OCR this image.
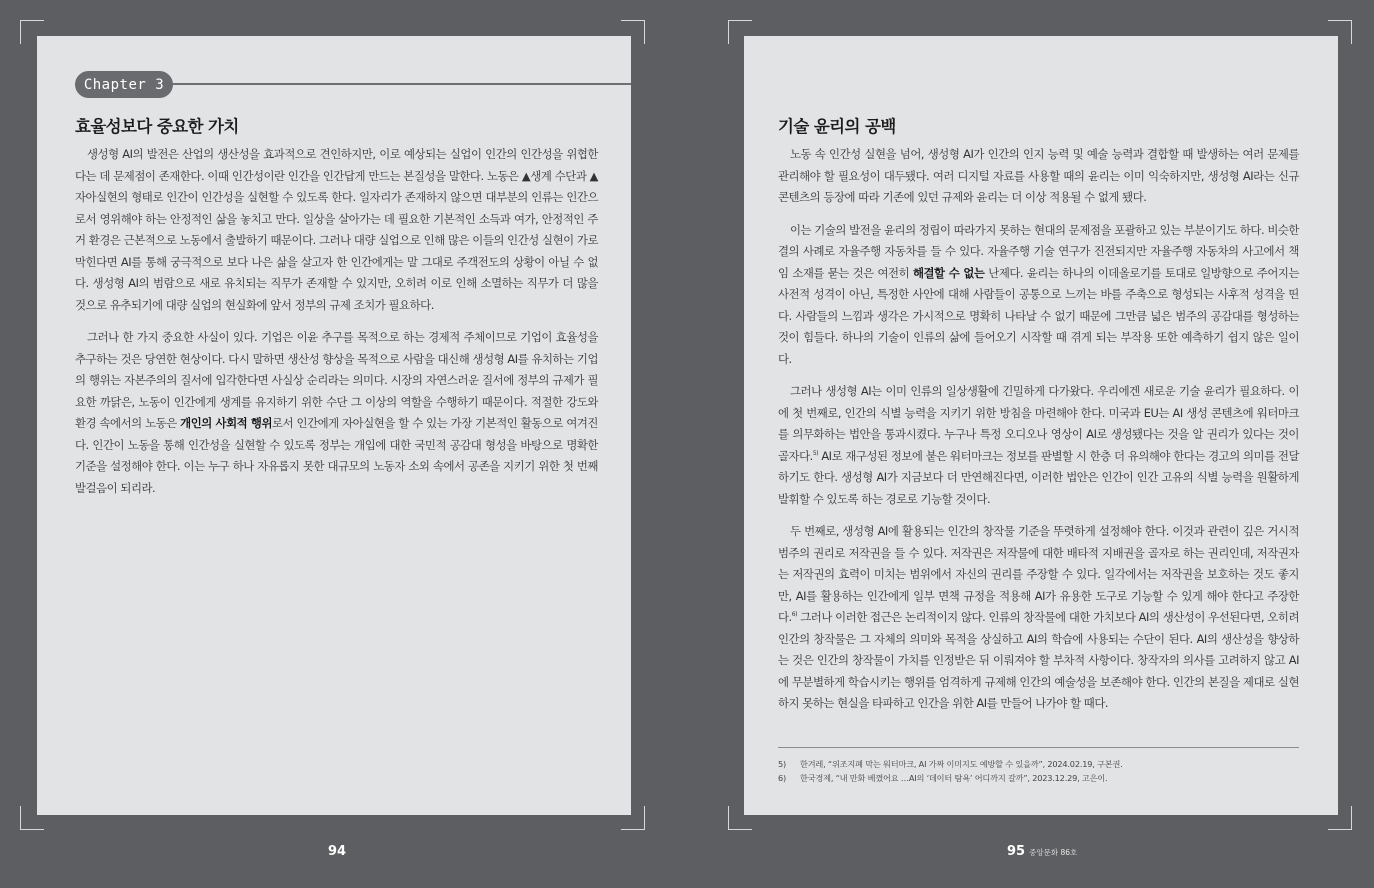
Chapter 3
효율성보다 중요한 가치

생성형 AI의 발전은 산업의 생산성을 효과적으로 견인하지만, 이로 예상되는 실업이 인간의 인간성을 위협한다는 데 문제점이 존재한다. 이때 인간성이란 인간을 인간답게 만드는 본질성을 말한다. 노동은 ▲생계 수단과 ▲자아실현의 형태로 인간이 인간성을 실현할 수 있도록 한다. 일자리가 존재하지 않으면 대부분의 인류는 인간으로서 영위해야 하는 안정적인 삶을 놓치고 만다. 일상을 살아가는 데 필요한 기본적인 소득과 여가, 안정적인 주거 환경은 근본적으로 노동에서 출발하기 때문이다. 그러나 대량 실업으로 인해 많은 이들의 인간성 실현이 가로막힌다면 AI를 통해 궁극적으로 보다 나은 삶을 살고자 한 인간에게는 말 그대로 주객전도의 상황이 아닐 수 없다. 생성형 AI의 범람으로 새로 유치되는 직무가 존재할 수 있지만, 오히려 이로 인해 소멸하는 직무가 더 많을 것으로 유추되기에 대량 실업의 현실화에 앞서 정부의 규제 조치가 필요하다.

그러나 한 가지 중요한 사실이 있다. 기업은 이윤 추구를 목적으로 하는 경제적 주체이므로 기업이 효율성을 추구하는 것은 당연한 현상이다. 다시 말하면 생산성 향상을 목적으로 사람을 대신해 생성형 AI를 유치하는 기업의 행위는 자본주의의 질서에 입각한다면 사실상 순리라는 의미다. 시장의 자연스러운 질서에 정부의 규제가 필요한 까닭은, 노동이 인간에게 생계를 유지하기 위한 수단 그 이상의 역할을 수행하기 때문이다. 적절한 강도와 환경 속에서의 노동은 개인의 사회적 행위로서 인간에게 자아실현을 할 수 있는 가장 기본적인 활동으로 여겨진다. 인간이 노동을 통해 인간성을 실현할 수 있도록 정부는 개입에 대한 국민적 공감대 형성을 바탕으로 명확한 기준을 설정해야 한다. 이는 누구 하나 자유롭지 못한 대규모의 노동자 소외 속에서 공존을 지키기 위한 첫 번째 발걸음이 되리라.

기술 윤리의 공백

노동 속 인간성 실현을 넘어, 생성형 AI가 인간의 인지 능력 및 예술 능력과 결합할 때 발생하는 여러 문제를 관리해야 할 필요성이 대두됐다. 여러 디지털 자료를 사용할 때의 윤리는 이미 익숙하지만, 생성형 AI라는 신규 콘텐츠의 등장에 따라 기존에 있던 규제와 윤리는 더 이상 적용될 수 없게 됐다.

이는 기술의 발전을 윤리의 정립이 따라가지 못하는 현대의 문제점을 포괄하고 있는 부분이기도 하다. 비슷한 결의 사례로 자율주행 자동차를 들 수 있다. 자율주행 기술 연구가 진전되지만 자율주행 자동차의 사고에서 책임 소재를 묻는 것은 여전히 해결할 수 없는 난제다. 윤리는 하나의 이데올로기를 토대로 일방향으로 주어지는 사전적 성격이 아닌, 특정한 사안에 대해 사람들이 공통으로 느끼는 바를 주축으로 형성되는 사후적 성격을 띤다. 사람들의 느낌과 생각은 가시적으로 명확히 나타날 수 없기 때문에 그만큼 넓은 범주의 공감대를 형성하는 것이 힘들다. 하나의 기술이 인류의 삶에 들어오기 시작할 때 겪게 되는 부작용 또한 예측하기 쉽지 않은 일이다.

그러나 생성형 AI는 이미 인류의 일상생활에 긴밀하게 다가왔다. 우리에겐 새로운 기술 윤리가 필요하다. 이에 첫 번째로, 인간의 식별 능력을 지키기 위한 방침을 마련해야 한다. 미국과 EU는 AI 생성 콘텐츠에 워터마크를 의무화하는 법안을 통과시켰다. 누구나 특정 오디오나 영상이 AI로 생성됐다는 것을 알 권리가 있다는 것이 골자다.$^{5)}$ AI로 재구성된 정보에 붙은 워터마크는 정보를 판별할 시 한층 더 유의해야 한다는 경고의 의미를 전달하기도 한다. 생성형 AI가 지금보다 더 만연해진다면, 이러한 법안은 인간이 인간 고유의 식별 능력을 원활하게 발휘할 수 있도록 하는 경로로 기능할 것이다.

두 번째로, 생성형 AI에 활용되는 인간의 창작물 기준을 뚜렷하게 설정해야 한다. 이것과 관련이 깊은 거시적 범주의 권리로 저작권을 들 수 있다. 저작권은 저작물에 대한 배타적 지배권을 골자로 하는 권리인데, 저작권자는 저작권의 효력이 미치는 범위에서 자신의 권리를 주장할 수 있다. 일각에서는 저작권을 보호하는 것도 좋지만, AI를 활용하는 인간에게 일부 면책 규정을 적용해 AI가 유용한 도구로 기능할 수 있게 해야 한다고 주장한다.$^{6)}$ 그러나 이러한 접근은 논리적이지 않다. 인류의 창작물에 대한 가치보다 AI의 생산성이 우선된다면, 오히려 인간의 창작물은 그 자체의 의미와 목적을 상실하고 AI의 학습에 사용되는 수단이 된다. AI의 생산성을 향상하는 것은 인간의 창작물이 가치를 인정받은 뒤 이뤄져야 할 부차적 사항이다. 창작자의 의사를 고려하지 않고 AI에 무분별하게 학습시키는 행위를 엄격하게 규제해 인간의 예술성을 보존해야 한다. 인간의 본질을 제대로 실현하지 못하는 현실을 타파하고 인간을 위한 AI를 만들어 나가야 할 때다.

5)	한겨레, “위조지폐 막는 워터마크, AI 가짜 이미지도 예방할 수 있을까”, 2024.02.19, 구본권.
6)	한국경제, “내 만화 베꼈어요 …AI의 ‘데이터 탐욕’ 어디까지 갈까”, 2023.12.29, 고은이.
94	95 중앙문화 86호
